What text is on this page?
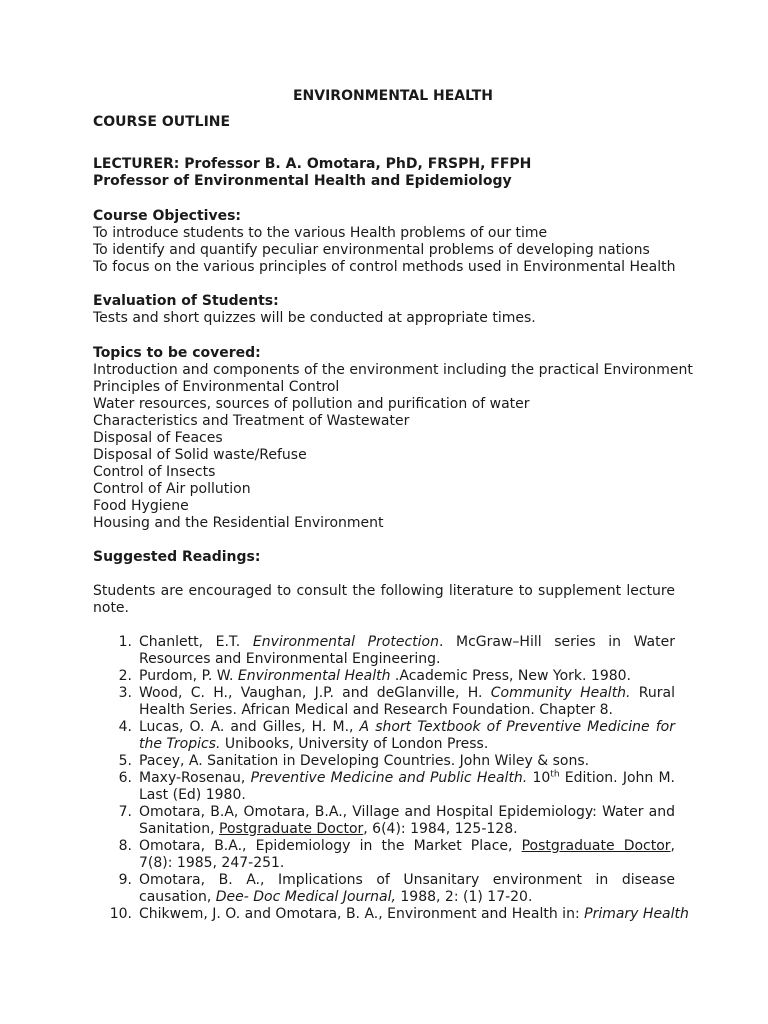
ENVIRONMENTAL HEALTH
COURSE OUTLINE
LECTURER: Professor B. A. Omotara, PhD, FRSPH, FFPH
Professor of Environmental Health and Epidemiology
Course Objectives:
To introduce students to the various Health problems of our time
To identify and quantify peculiar environmental problems of developing nations
To focus on the various principles of control methods used in Environmental Health
Evaluation of Students:
Tests and short quizzes will be conducted at appropriate times.
Topics to be covered:
Introduction and components of the environment including the practical Environment
Principles of Environmental Control
Water resources, sources of pollution and purification of water
Characteristics and Treatment of Wastewater
Disposal of Feaces
Disposal of Solid waste/Refuse
Control of Insects
Control of Air pollution
Food Hygiene
Housing and the Residential Environment
Suggested Readings:
Students are encouraged to consult the following literature to supplement lecture note.
1. Chanlett, E.T. Environmental Protection. McGraw–Hill series in Water Resources and Environmental Engineering.
2. Purdom, P. W. Environmental Health .Academic Press, New York. 1980.
3. Wood, C. H., Vaughan, J.P. and deGlanville, H. Community Health. Rural Health Series. African Medical and Research Foundation. Chapter 8.
4. Lucas, O. A. and Gilles, H. M., A short Textbook of Preventive Medicine for the Tropics. Unibooks, University of London Press.
5. Pacey, A. Sanitation in Developing Countries. John Wiley & sons.
6. Maxy-Rosenau, Preventive Medicine and Public Health. 10th Edition. John M. Last (Ed) 1980.
7. Omotara, B.A, Omotara, B.A., Village and Hospital Epidemiology: Water and Sanitation, Postgraduate Doctor, 6(4): 1984, 125-128.
8. Omotara, B.A., Epidemiology in the Market Place, Postgraduate Doctor, 7(8): 1985, 247-251.
9. Omotara, B. A., Implications of Unsanitary environment in disease causation, Dee- Doc Medical Journal, 1988, 2: (1) 17-20.
10. Chikwem, J. O. and Omotara, B. A., Environment and Health in: Primary Health
